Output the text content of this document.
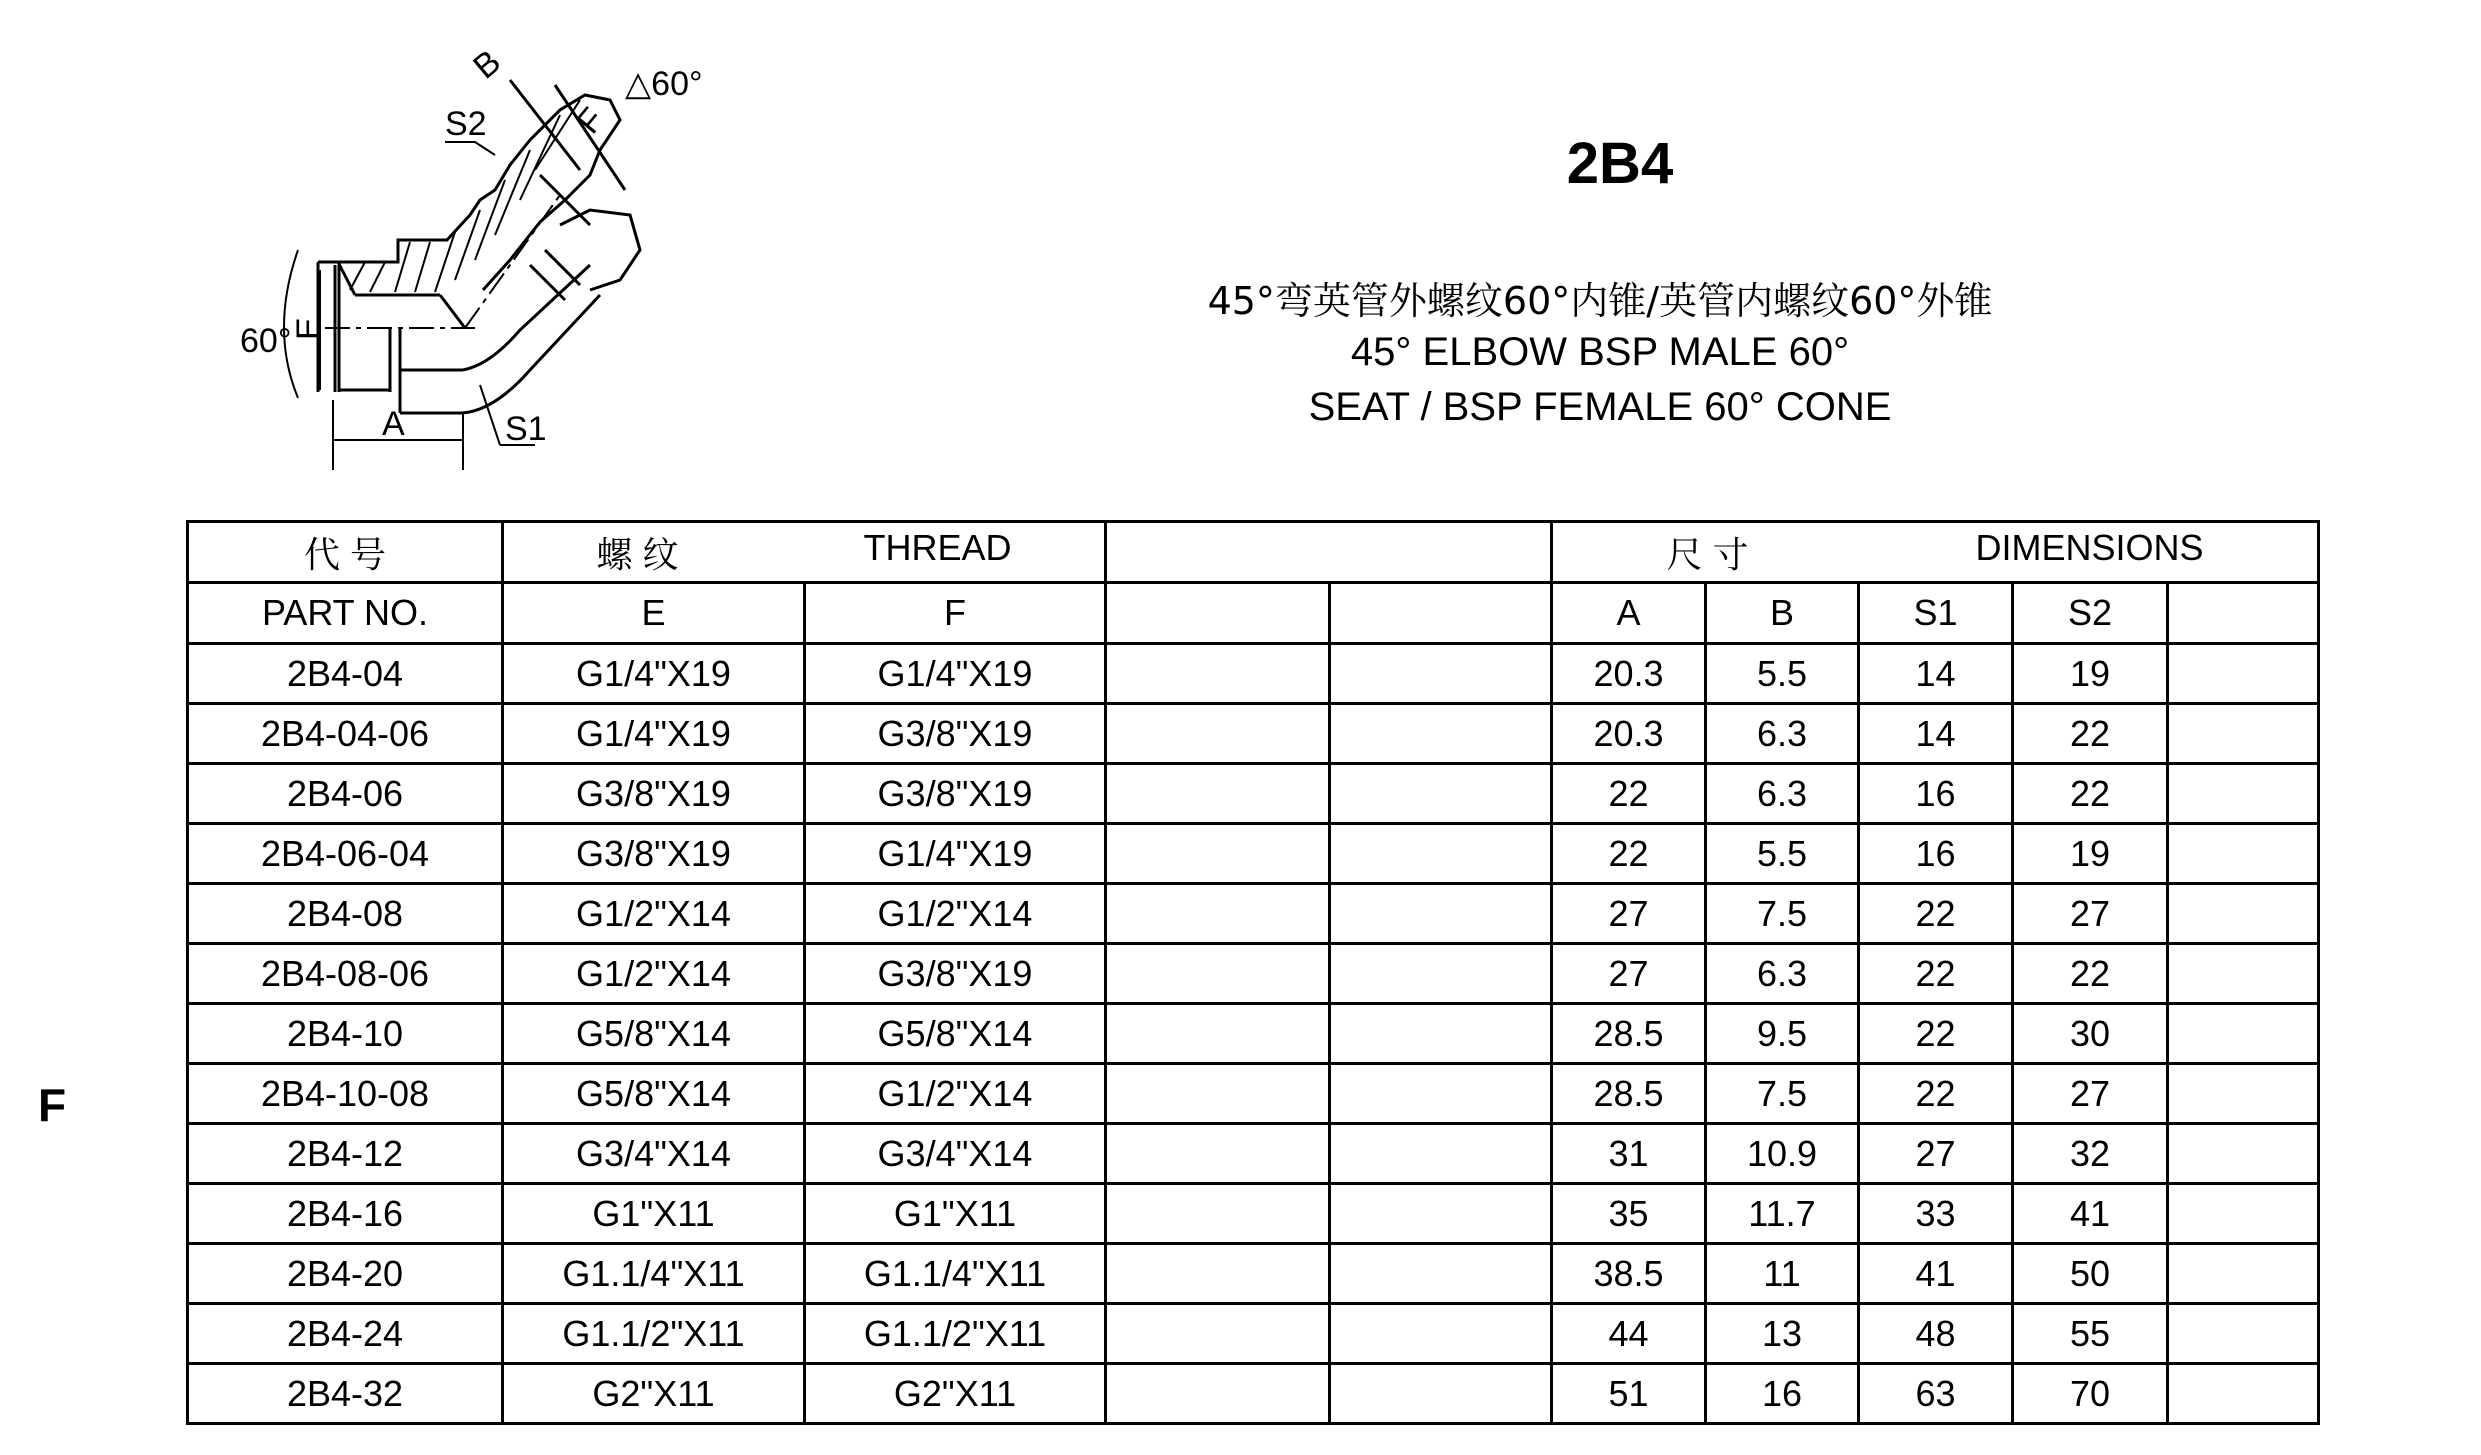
B
S2 F
△60°
60°
E
A	S1
2B4
45°弯英管外螺纹60°内锥/英管内螺纹60°外锥
45° ELBOW BSP MALE 60°
SEAT / BSP FEMALE 60° CONE
F
代 号	螺 纹 THREAD				尺 寸 DIMENSIONS				

PART NO.	E	F			A	B	S1	S2	
2B4-04	G1/4"X19	G1/4"X19			20.3	5.5	14	19	
2B4-04-06	G1/4"X19	G3/8"X19			20.3	6.3	14	22	
2B4-06	G3/8"X19	G3/8"X19			22	6.3	16	22	
2B4-06-04	G3/8"X19	G1/4"X19			22	5.5	16	19	
2B4-08	G1/2"X14	G1/2"X14			27	7.5	22	27	
2B4-08-06	G1/2"X14	G3/8"X19			27	6.3	22	22	
2B4-10	G5/8"X14	G5/8"X14			28.5	9.5	22	30	
2B4-10-08	G5/8"X14	G1/2"X14			28.5	7.5	22	27	
2B4-12	G3/4"X14	G3/4"X14			31	10.9	27	32	
2B4-16	G1"X11	G1"X11			35	11.7	33	41	
2B4-20	G1.1/4"X11	G1.1/4"X11			38.5	11	41	50	
2B4-24	G1.1/2"X11	G1.1/2"X11			44	13	48	55	
2B4-32	G2"X11	G2"X11			51	16	63	70	
